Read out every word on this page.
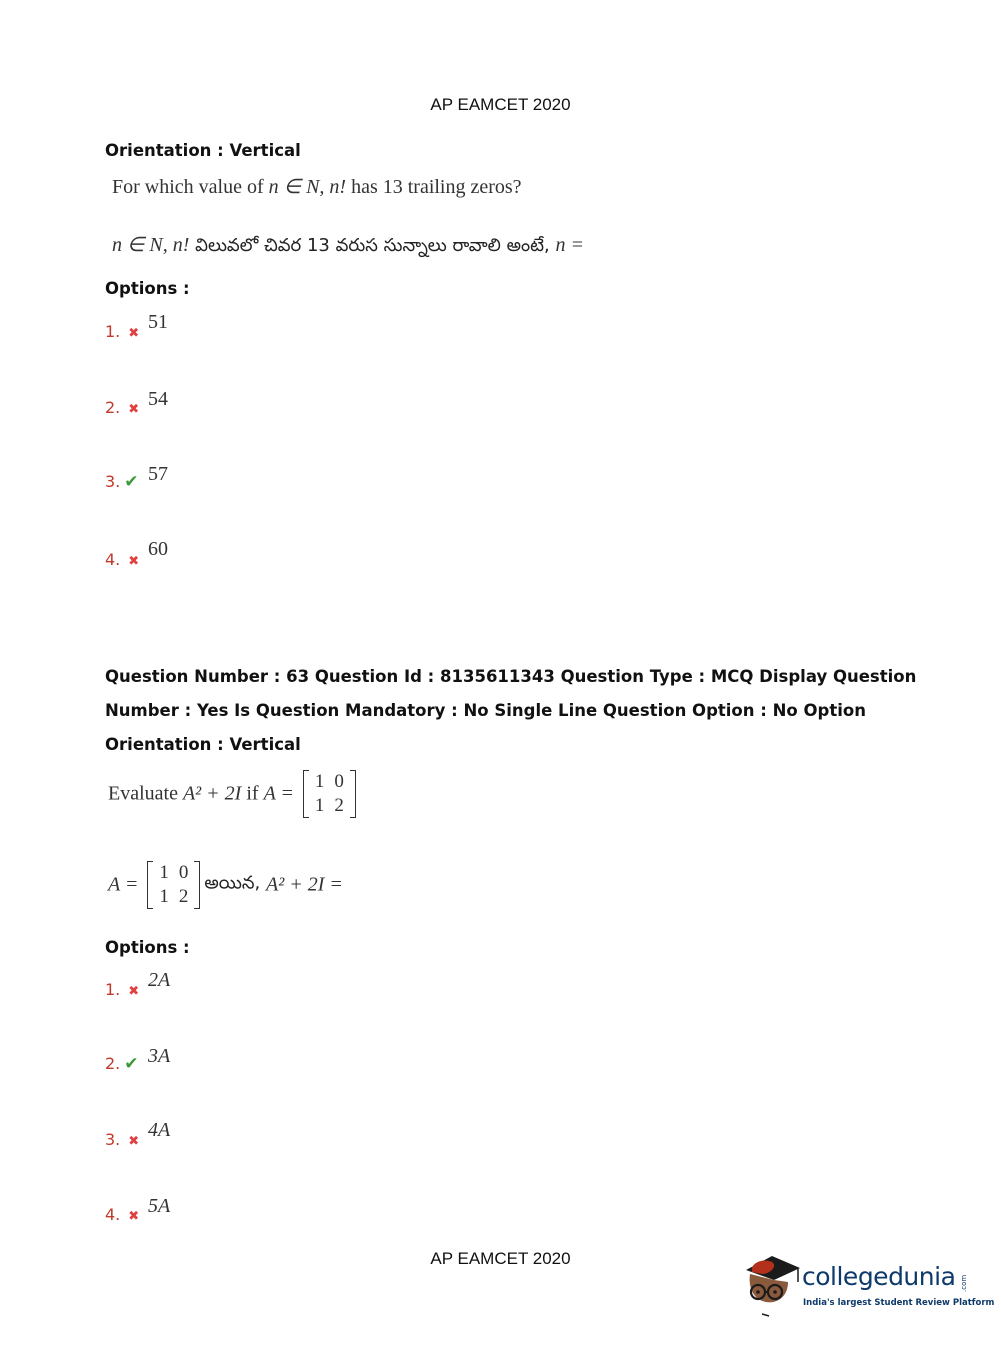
AP EAMCET 2020
Orientation : Vertical
For which value of n ∈ N, n! has 13 trailing zeros?
n ∈ N, n! విలువలో చివర 13 వరుస సున్నాలు రావాలి అంటే, n =
Options :
1. ✖
51
2. ✖ 54
3. ✔ 57
4. ✖
60
Question Number : 63 Question Id : 8135611343 Question Type : MCQ Display Question
Number : Yes Is Question Mandatory : No Single Line Question Option : No Option
Orientation : Vertical
Evaluate A² + 2I if A =
1	0
1	2
A =
1	0
1	2
అయిన, A² + 2I =
Options :
1. ✖
2A
2. ✔ 3A
3. ✖
4A
4. ✖ 5A
AP EAMCET 2020
collegedunia
India's largest Student Review Platform
.com
